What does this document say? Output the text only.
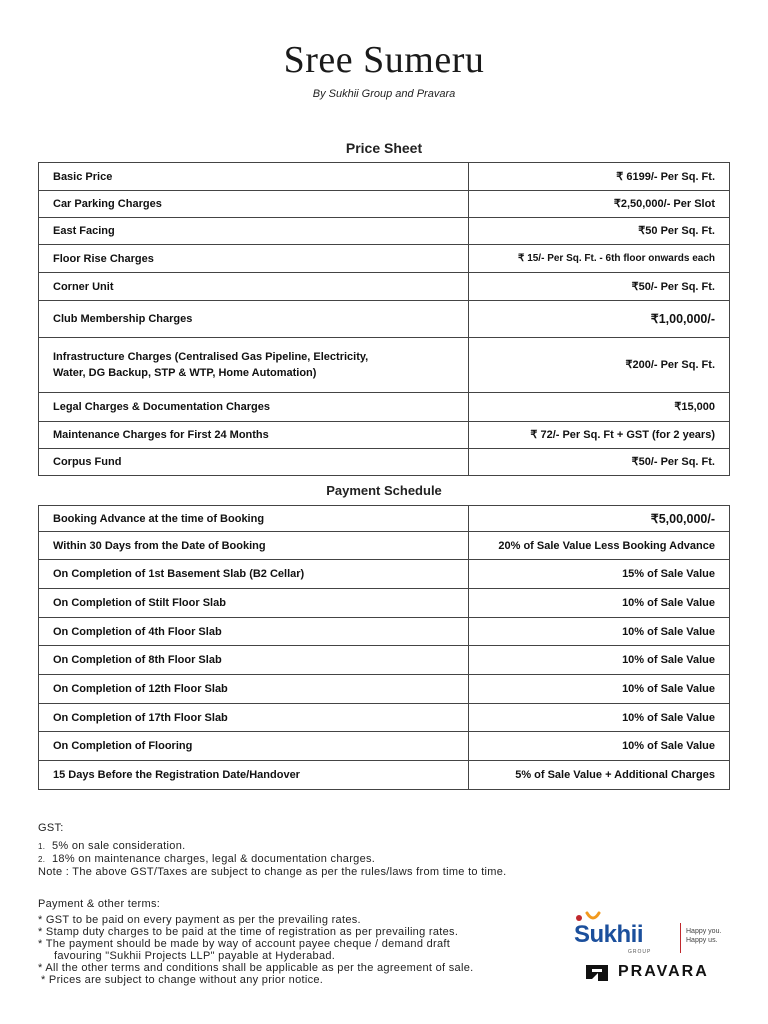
Sree Sumeru
By Sukhii Group and Pravara
Price Sheet
Basic Price	₹ 6199/- Per Sq. Ft.
Car Parking Charges	₹2,50,000/- Per Slot
East Facing	₹50 Per Sq. Ft.
Floor Rise Charges	₹ 15/- Per Sq. Ft. - 6th floor onwards each
Corner Unit	₹50/- Per Sq. Ft.
Club Membership Charges	₹1,00,000/-

Infrastructure Charges (Centralised Gas Pipeline, Electricity,
Water, DG Backup, STP & WTP, Home Automation)	₹200/- Per Sq. Ft.
Legal Charges & Documentation Charges	₹15,000
Maintenance Charges for First 24 Months	₹ 72/- Per Sq. Ft + GST (for 2 years)
Corpus Fund	₹50/- Per Sq. Ft.
Payment Schedule
Booking Advance at the time of Booking	₹5,00,000/-
Within 30 Days from the Date of Booking	20% of Sale Value Less Booking Advance
On Completion of 1st Basement Slab (B2 Cellar)	15% of Sale Value
On Completion of Stilt Floor Slab	10% of Sale Value
On Completion of 4th Floor Slab	10% of Sale Value
On Completion of 8th Floor Slab	10% of Sale Value
On Completion of 12th Floor Slab	10% of Sale Value
On Completion of 17th Floor Slab	10% of Sale Value
On Completion of Flooring	10% of Sale Value
15 Days Before the Registration Date/Handover	5% of Sale Value + Additional Charges
GST:
1. 5% on sale consideration.
2. 18% on maintenance charges, legal & documentation charges.
Note : The above GST/Taxes are subject to change as per the rules/laws from time to time.
Payment & other terms:
* GST to be paid on every payment as per the prevailing rates.
* Stamp duty charges to be paid at the time of registration as per prevailing rates.
* The payment should be made by way of account payee cheque / demand draft
favouring "Sukhii Projects LLP" payable at Hyderabad.
* All the other terms and conditions shall be applicable as per the agreement of sale.
* Prices are subject to change without any prior notice.
Sukhii
GROUP
Happy you.
Happy us.
PRAVARA
